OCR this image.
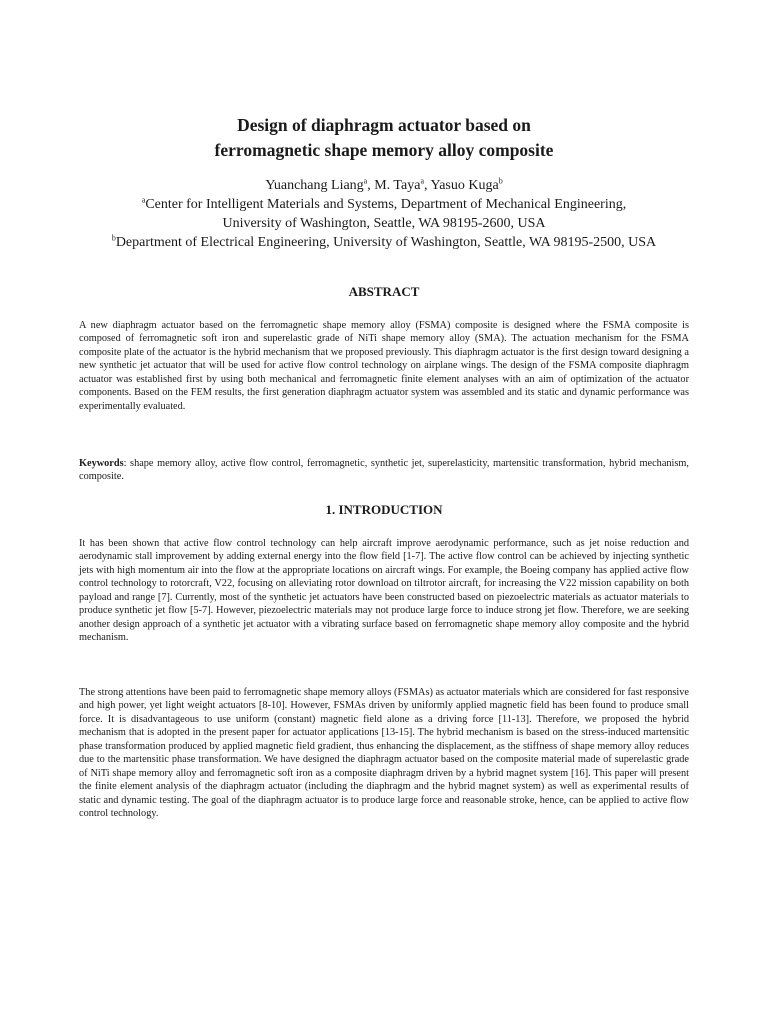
Design of diaphragm actuator based on
ferromagnetic shape memory alloy composite
Yuanchang Liang$^a$, M. Taya$^a$, Yasuo Kuga$^b$
$^a$Center for Intelligent Materials and Systems, Department of Mechanical Engineering,
University of Washington, Seattle, WA 98195-2600, USA
$^b$Department of Electrical Engineering, University of Washington, Seattle, WA 98195-2500, USA
ABSTRACT

A new diaphragm actuator based on the ferromagnetic shape memory alloy (FSMA) composite is designed where the FSMA composite is composed of ferromagnetic soft iron and superelastic grade of NiTi shape memory alloy (SMA). The actuation mechanism for the FSMA composite plate of the actuator is the hybrid mechanism that we proposed previously. This diaphragm actuator is the first design toward designing a new synthetic jet actuator that will be used for active flow control technology on airplane wings. The design of the FSMA composite diaphragm actuator was established first by using both mechanical and ferromagnetic finite element analyses with an aim of optimization of the actuator components. Based on the FEM results, the first generation diaphragm actuator system was assembled and its static and dynamic performance was experimentally evaluated.

Keywords: shape memory alloy, active flow control, ferromagnetic, synthetic jet, superelasticity, martensitic transformation, hybrid mechanism, composite.

1. INTRODUCTION

It has been shown that active flow control technology can help aircraft improve aerodynamic performance, such as jet noise reduction and aerodynamic stall improvement by adding external energy into the flow field [1-7]. The active flow control can be achieved by injecting synthetic jets with high momentum air into the flow at the appropriate locations on aircraft wings. For example, the Boeing company has applied active flow control technology to rotorcraft, V22, focusing on alleviating rotor download on tiltrotor aircraft, for increasing the V22 mission capability on both payload and range [7]. Currently, most of the synthetic jet actuators have been constructed based on piezoelectric materials as actuator materials to produce synthetic jet flow [5-7]. However, piezoelectric materials may not produce large force to induce strong jet flow. Therefore, we are seeking another design approach of a synthetic jet actuator with a vibrating surface based on ferromagnetic shape memory alloy composite and the hybrid mechanism.

The strong attentions have been paid to ferromagnetic shape memory alloys (FSMAs) as actuator materials which are considered for fast responsive and high power, yet light weight actuators [8-10]. However, FSMAs driven by uniformly applied magnetic field has been found to produce small force. It is disadvantageous to use uniform (constant) magnetic field alone as a driving force [11-13]. Therefore, we proposed the hybrid mechanism that is adopted in the present paper for actuator applications [13-15]. The hybrid mechanism is based on the stress-induced martensitic phase transformation produced by applied magnetic field gradient, thus enhancing the displacement, as the stiffness of shape memory alloy reduces due to the martensitic phase transformation. We have designed the diaphragm actuator based on the composite material made of superelastic grade of NiTi shape memory alloy and ferromagnetic soft iron as a composite diaphragm driven by a hybrid magnet system [16]. This paper will present the finite element analysis of the diaphragm actuator (including the diaphragm and the hybrid magnet system) as well as experimental results of static and dynamic testing. The goal of the diaphragm actuator is to produce large force and reasonable stroke, hence, can be applied to active flow control technology.
